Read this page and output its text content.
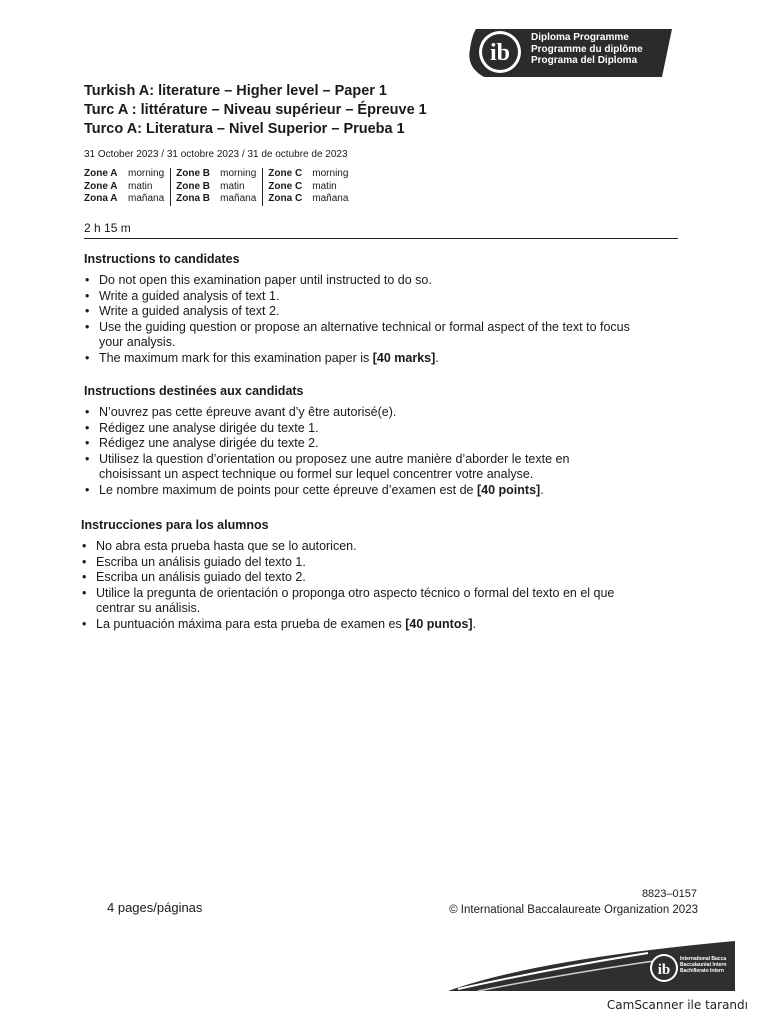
ib
Diploma Programme
Programme du diplôme
Programa del Diploma
Turkish A: literature – Higher level – Paper 1
Turc A : littérature – Niveau supérieur – Épreuve 1
Turco A: Literatura – Nivel Superior – Prueba 1
31 October 2023 / 31 octobre 2023 / 31 de octubre de 2023
Zone A morning
Zone A matin
Zona A mañana
Zone B morning
Zone B matin
Zona B mañana
Zone C morning
Zone C matin
Zona C mañana
2 h 15 m
Instructions to candidates
• Do not open this examination paper until instructed to do so.
• Write a guided analysis of text 1.
• Write a guided analysis of text 2.
• Use the guiding question or propose an alternative technical or formal aspect of the text to focus
your analysis.
• The maximum mark for this examination paper is [40 marks].
Instructions destinées aux candidats
• N’ouvrez pas cette épreuve avant d’y être autorisé(e).
• Rédigez une analyse dirigée du texte 1.
• Rédigez une analyse dirigée du texte 2.
• Utilisez la question d’orientation ou proposez une autre manière d’aborder le texte en
choisissant un aspect technique ou formel sur lequel concentrer votre analyse.
• Le nombre maximum de points pour cette épreuve d’examen est de [40 points].
Instrucciones para los alumnos
• No abra esta prueba hasta que se lo autoricen.
• Escriba un análisis guiado del texto 1.
• Escriba un análisis guiado del texto 2.
• Utilice la pregunta de orientación o proponga otro aspecto técnico o formal del texto en el que
centrar su análisis.
• La puntuación máxima para esta prueba de examen es [40 puntos].
4 pages/páginas
8823–0157
© International Baccalaureate Organization 2023
ib
International Bacca
Baccalauréat Intern
Bachillerato Intern
CamScanner ile tarandı
